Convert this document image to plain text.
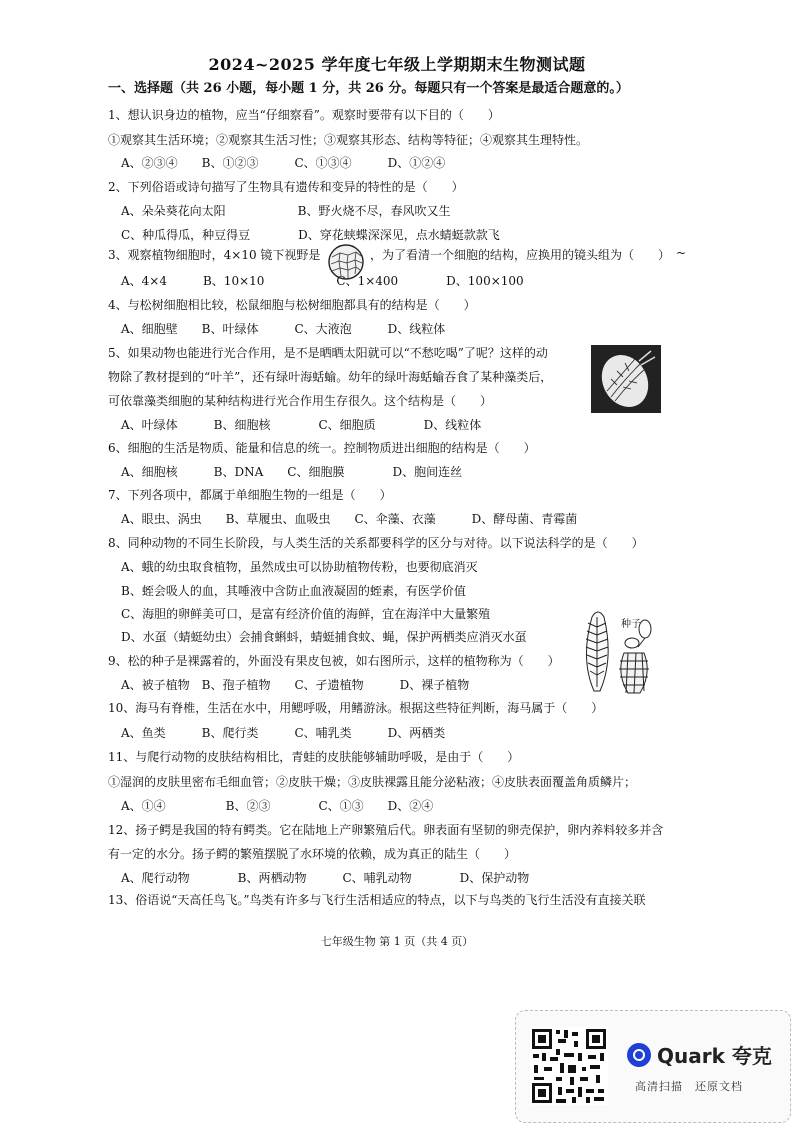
2024~2025 学年度七年级上学期期末生物测试题
一、选择题（共 26 小题，每小题 1 分，共 26 分。每题只有一个答案是最适合题意的。）
1、想认识身边的植物，应当“仔细察看”。观察时要带有以下目的（　　）
①观察其生活环境；②观察其生活习性；③观察其形态、结构等特征；④观察其生理特性。
A、②③④　　B、①②③　　　C、①③④　　　D、①②④
2、下列俗语或诗句描写了生物具有遗传和变异的特性的是（　　）
A、朵朵葵花向太阳　　　　　　B、野火烧不尽，春风吹又生
C、种瓜得瓜，种豆得豆　　　　D、穿花蛱蝶深深见，点水蜻蜓款款飞
3、观察植物细胞时，4×10 镜下视野是	，为了看清一个细胞的结构，应换用的镜头组为（　　） ~
A、4×4　　　B、10×10　　　　　　C、1×400　　　　D、100×100
4、与松树细胞相比较，松鼠细胞与松树细胞都具有的结构是（　　）
A、细胞壁　　B、叶绿体　　　C、大液泡　　　D、线粒体
5、如果动物也能进行光合作用，是不是晒晒太阳就可以“不愁吃喝”了呢？这样的动
物除了教材提到的“叶羊”，还有绿叶海蛞蝓。幼年的绿叶海蛞蝓吞食了某种藻类后，
可依靠藻类细胞的某种结构进行光合作用生存很久。这个结构是（　　）
A、叶绿体　　　B、细胞核　　　　C、细胞质　　　　D、线粒体
6、细胞的生活是物质、能量和信息的统一。控制物质进出细胞的结构是（　　）
A、细胞核　　　B、DNA　　C、细胞膜　　　　D、胞间连丝
7、下列各项中，都属于单细胞生物的一组是（　　）
A、眼虫、涡虫　　B、草履虫、血吸虫　　C、伞藻、衣藻　　　D、酵母菌、青霉菌
8、同种动物的不同生长阶段，与人类生活的关系都要科学的区分与对待。以下说法科学的是（　　）
A、蛾的幼虫取食植物，虽然成虫可以协助植物传粉，也要彻底消灭
B、蛭会吸人的血，其唾液中含防止血液凝固的蛭素，有医学价值
C、海胆的卵鲜美可口，是富有经济价值的海鲜，宜在海洋中大量繁殖
D、水虿（蜻蜓幼虫）会捕食蝌蚪，蜻蜓捕食蚊、蝇，保护两栖类应消灭水虿
种子
9、松的种子是裸露着的，外面没有果皮包被，如右图所示，这样的植物称为（　　）
A、被子植物　B、孢子植物　　C、孑遗植物　　　D、裸子植物
10、海马有脊椎，生活在水中，用鳃呼吸，用鳍游泳。根据这些特征判断，海马属于（　　）
A、鱼类　　　B、爬行类　　　C、哺乳类　　　D、两栖类
11、与爬行动物的皮肤结构相比，青蛙的皮肤能够辅助呼吸，是由于（　　）
①湿润的皮肤里密布毛细血管；②皮肤干燥；③皮肤裸露且能分泌粘液；④皮肤表面覆盖角质鳞片；
A、①④　　　　　B、②③　　　　C、①③　　D、②④
12、扬子鳄是我国的特有鳄类。它在陆地上产卵繁殖后代。卵表面有坚韧的卵壳保护，卵内养料较多并含
有一定的水分。扬子鳄的繁殖摆脱了水环境的依赖，成为真正的陆生（　　）
A、爬行动物　　　　B、两栖动物　　　C、哺乳动物　　　　D、保护动物
13、俗语说“天高任鸟飞。”鸟类有许多与飞行生活相适应的特点，以下与鸟类的飞行生活没有直接关联
七年级生物 第 1 页（共 4 页）
Quark 夸克
高清扫描　还原文档
